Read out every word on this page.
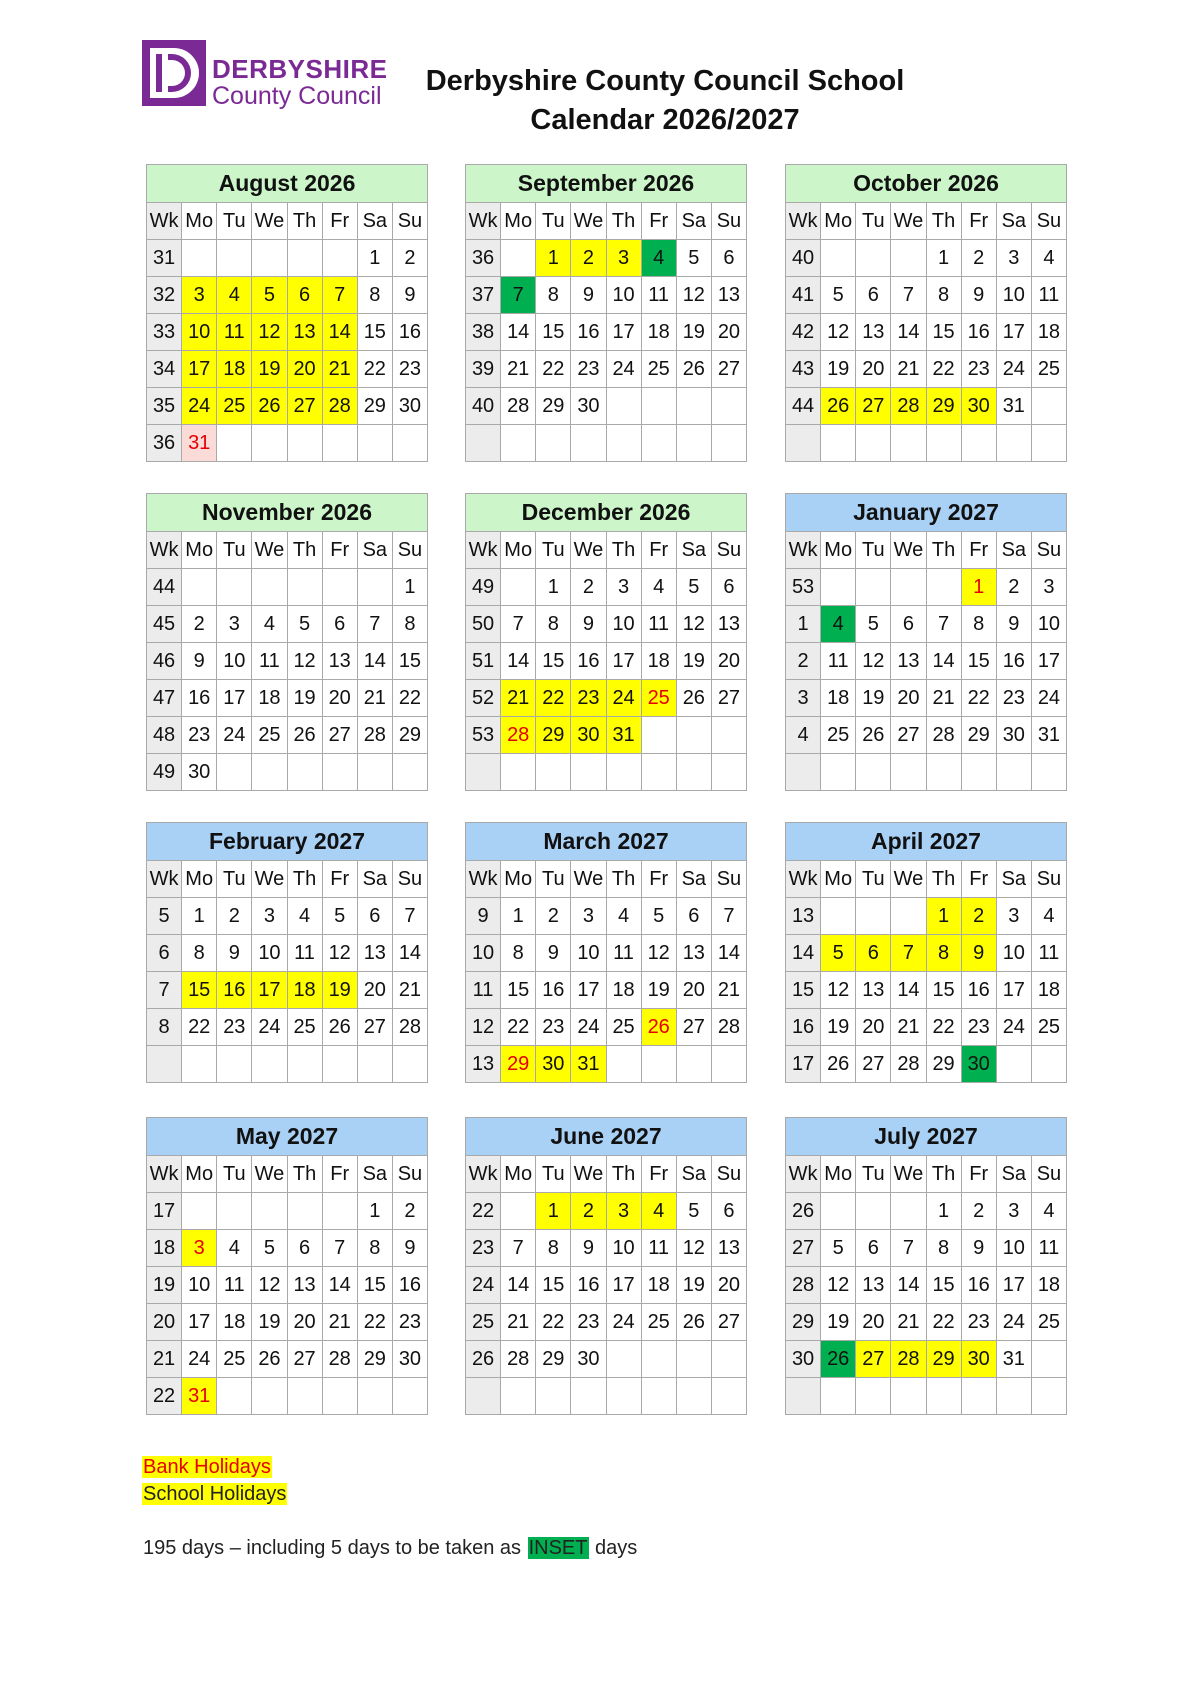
DERBYSHIRE
County Council Derbyshire County Council School
Calendar 2026/2027
August 2026							
Wk	Mo	Tu	We	Th	Fr	Sa	Su
31						1	2
32	3	4	5	6	7	8	9
33	10	11	12	13	14	15	16
34	17	18	19	20	21	22	23
35	24	25	26	27	28	29	30
36	31						
September 2026							
Wk	Mo	Tu	We	Th	Fr	Sa	Su
36		1	2	3	4	5	6
37	7	8	9	10	11	12	13
38	14	15	16	17	18	19	20
39	21	22	23	24	25	26	27
40	28	29	30				

October 2026							
Wk	Mo	Tu	We	Th	Fr	Sa	Su
40				1	2	3	4
41	5	6	7	8	9	10	11
42	12	13	14	15	16	17	18
43	19	20	21	22	23	24	25
44	26	27	28	29	30	31	

November 2026							
Wk	Mo	Tu	We	Th	Fr	Sa	Su
44							1
45	2	3	4	5	6	7	8
46	9	10	11	12	13	14	15
47	16	17	18	19	20	21	22
48	23	24	25	26	27	28	29
49	30						
December 2026							
Wk	Mo	Tu	We	Th	Fr	Sa	Su
49		1	2	3	4	5	6
50	7	8	9	10	11	12	13
51	14	15	16	17	18	19	20
52	21	22	23	24	25	26	27
53	28	29	30	31			

January 2027							
Wk	Mo	Tu	We	Th	Fr	Sa	Su
53					1	2	3
1	4	5	6	7	8	9	10
2	11	12	13	14	15	16	17
3	18	19	20	21	22	23	24
4	25	26	27	28	29	30	31

February 2027							
Wk	Mo	Tu	We	Th	Fr	Sa	Su
5	1	2	3	4	5	6	7
6	8	9	10	11	12	13	14
7	15	16	17	18	19	20	21
8	22	23	24	25	26	27	28

March 2027							
Wk	Mo	Tu	We	Th	Fr	Sa	Su
9	1	2	3	4	5	6	7
10	8	9	10	11	12	13	14
11	15	16	17	18	19	20	21
12	22	23	24	25	26	27	28
13	29	30	31				
April 2027							
Wk	Mo	Tu	We	Th	Fr	Sa	Su
13				1	2	3	4
14	5	6	7	8	9	10	11
15	12	13	14	15	16	17	18
16	19	20	21	22	23	24	25
17	26	27	28	29	30		
May 2027							
Wk	Mo	Tu	We	Th	Fr	Sa	Su
17						1	2
18	3	4	5	6	7	8	9
19	10	11	12	13	14	15	16
20	17	18	19	20	21	22	23
21	24	25	26	27	28	29	30
22	31						
June 2027							
Wk	Mo	Tu	We	Th	Fr	Sa	Su
22		1	2	3	4	5	6
23	7	8	9	10	11	12	13
24	14	15	16	17	18	19	20
25	21	22	23	24	25	26	27
26	28	29	30				

July 2027							
Wk	Mo	Tu	We	Th	Fr	Sa	Su
26				1	2	3	4
27	5	6	7	8	9	10	11
28	12	13	14	15	16	17	18
29	19	20	21	22	23	24	25
30	26	27	28	29	30	31	

Bank Holidays
School Holidays
195 days – including 5 days to be taken as INSET days
